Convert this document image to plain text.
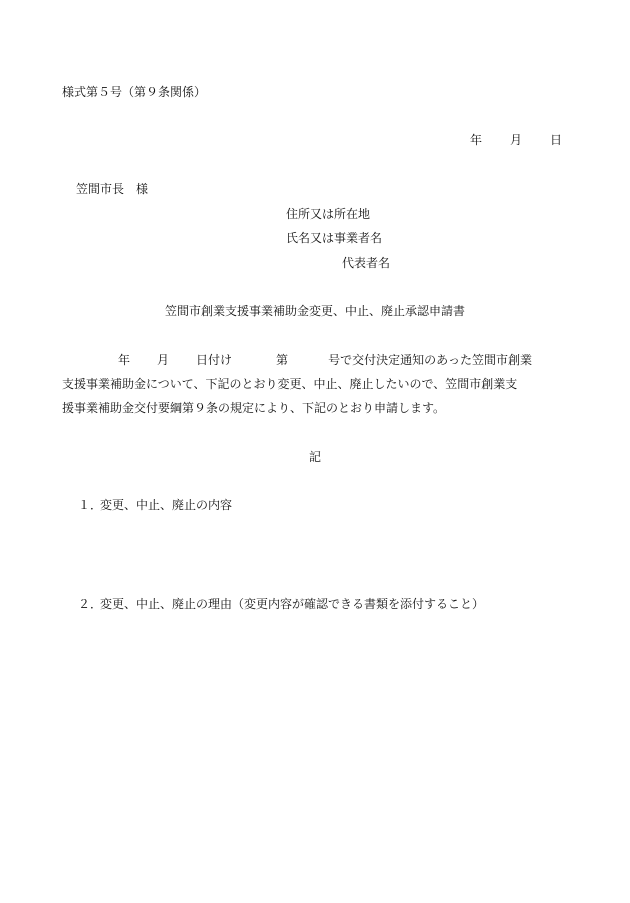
様式第５号（第９条関係）
年 月 日
笠間市長　様
住所又は所在地
氏名又は事業者名
代表者名
笠間市創業支援事業補助金変更、中止、廃止承認申請書
年 月 日付け	第	号で交付決定通知のあった笠間市創業
支援事業補助金について、下記のとおり変更、中止、廃止したいので、笠間市創業支
援事業補助金交付要綱第９条の規定により、下記のとおり申請します。
記
１．変更、中止、廃止の内容
２．変更、中止、廃止の理由（変更内容が確認できる書類を添付すること）
